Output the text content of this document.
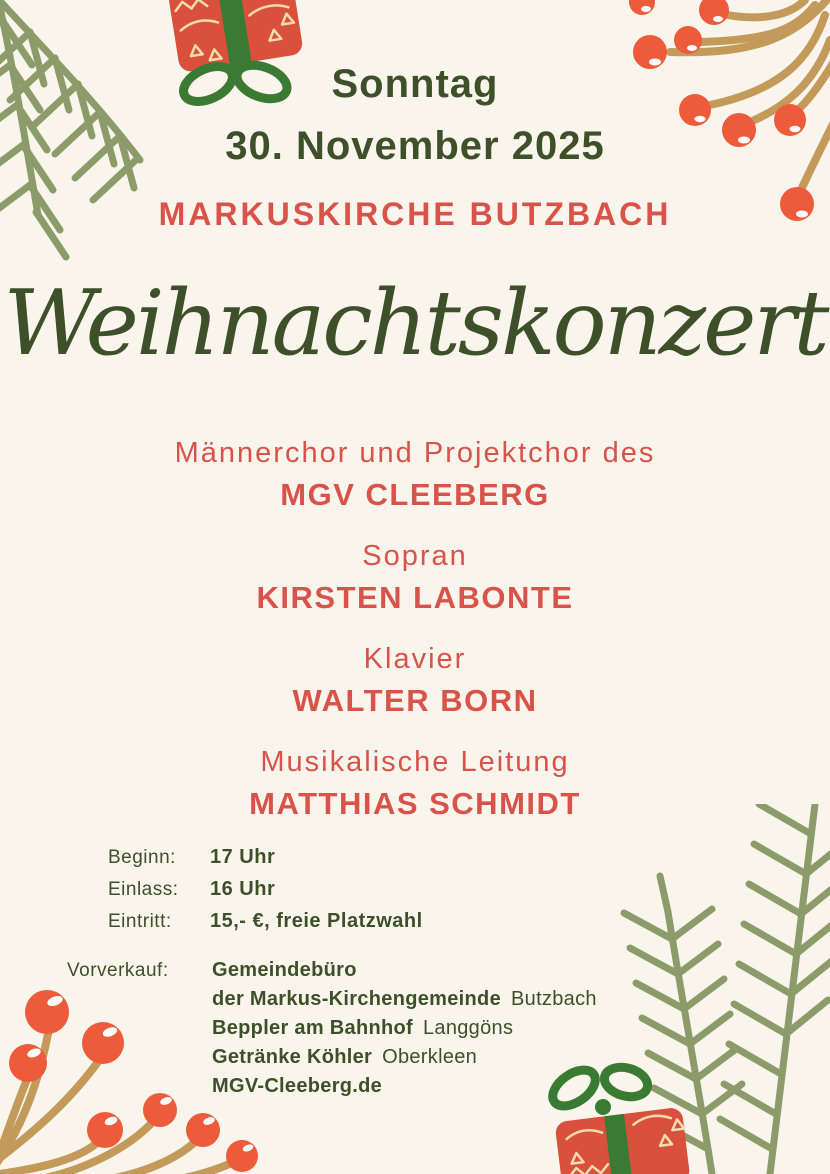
Sonntag
30. November 2025
MARKUSKIRCHE BUTZBACH
Weihnachtskonzert
Männerchor und Projektchor des
MGV CLEEBERG
Sopran
KIRSTEN LABONTE
Klavier
WALTER BORN
Musikalische Leitung
MATTHIAS SCHMIDT
Beginn:	17 Uhr
Einlass:	16 Uhr
Eintritt:	15,- €, freie Platzwahl
Vorverkauf:	Gemeindebüro
der Markus-Kirchengemeinde Butzbach
Beppler am Bahnhof Langgöns
Getränke Köhler Oberkleen
MGV-Cleeberg.de
